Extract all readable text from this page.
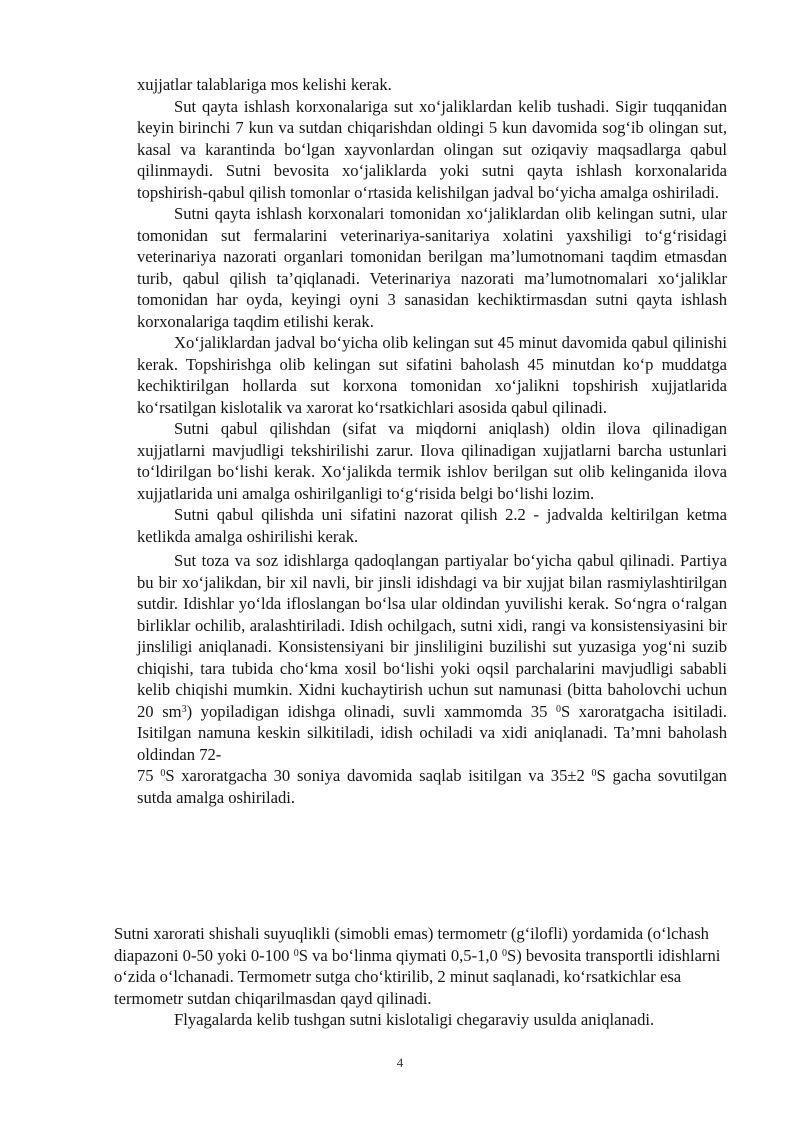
xujjatlar talablariga mos kelishi kerak.

Sut qayta ishlash korxonalariga sut xo‘jaliklardan kelib tushadi. Sigir tuqqanidan keyin birinchi 7 kun va sutdan chiqarishdan oldingi 5 kun davomida sog‘ib olingan sut, kasal va karantinda bo‘lgan xayvonlardan olingan sut oziqaviy maqsadlarga qabul qilinmaydi. Sutni bevosita xo‘jaliklarda yoki sutni qayta ishlash korxonalarida topshirish-qabul qilish tomonlar o‘rtasida kelishilgan jadval bo‘yicha amalga oshiriladi.

Sutni qayta ishlash korxonalari tomonidan xo‘jaliklardan olib kelingan sutni, ular tomonidan sut fermalarini veterinariya-sanitariya xolatini yaxshiligi to‘g‘risidagi veterinariya nazorati organlari tomonidan berilgan ma’lumotnomani taqdim etmasdan turib, qabul qilish ta’qiqlanadi. Veterinariya nazorati ma’lumotnomalari xo‘jaliklar tomonidan har oyda, keyingi oyni 3 sanasidan kechiktirmasdan sutni qayta ishlash korxonalariga taqdim etilishi kerak.

Xo‘jaliklardan jadval bo‘yicha olib kelingan sut 45 minut davomida qabul qilinishi kerak. Topshirishga olib kelingan sut sifatini baholash 45 minutdan ko‘p muddatga kechiktirilgan hollarda sut korxona tomonidan xo‘jalikni topshirish xujjatlarida ko‘rsatilgan kislotalik va xarorat ko‘rsatkichlari asosida qabul qilinadi.

Sutni qabul qilishdan (sifat va miqdorni aniqlash) oldin ilova qilinadigan xujjatlarni mavjudligi tekshirilishi zarur. Ilova qilinadigan xujjatlarni barcha ustunlari to‘ldirilgan bo‘lishi kerak. Xo‘jalikda termik ishlov berilgan sut olib kelinganida ilova xujjatlarida uni amalga oshirilganligi to‘g‘risida belgi bo‘lishi lozim.

Sutni qabul qilishda uni sifatini nazorat qilish 2.2 - jadvalda keltirilgan ketma ketlikda amalga oshirilishi kerak.

Sut toza va soz idishlarga qadoqlangan partiyalar bo‘yicha qabul qilinadi. Partiya bu bir xo‘jalikdan, bir xil navli, bir jinsli idishdagi va bir xujjat bilan rasmiylashtirilgan sutdir. Idishlar yo‘lda ifloslangan bo‘lsa ular oldindan yuvilishi kerak. So‘ngra o‘ralgan birliklar ochilib, aralashtiriladi. Idish ochilgach, sutni xidi, rangi va konsistensiyasini bir jinsliligi aniqlanadi. Konsistensiyani bir jinsliligini buzilishi sut yuzasiga yog‘ni suzib chiqishi, tara tubida cho‘kma xosil bo‘lishi yoki oqsil parchalarini mavjudligi sababli kelib chiqishi mumkin. Xidni kuchaytirish uchun sut namunasi (bitta baholovchi uchun 20 $sm^3$) yopiladigan idishga olinadi, suvli xammomda 35 $^0$S xaroratgacha isitiladi. Isitilgan namuna keskin silkitiladi, idish ochiladi va xidi aniqlanadi. Ta’mni baholash oldindan 72-

75 $^0$S xaroratgacha 30 soniya davomida saqlab isitilgan va 35±2 $^0$S gacha sovutilgan sutda amalga oshiriladi.

Sutni xarorati shishali suyuqlikli (simobli emas) termometr (g‘ilofli) yordamida (o‘lchash diapazoni 0-50 yoki 0-100 $^0$S va bo‘linma qiymati 0,5-1,0 $^0$S) bevosita transportli idishlarni o‘zida o‘lchanadi. Termometr sutga cho‘ktirilib, 2 minut saqlanadi, ko‘rsatkichlar esa termometr sutdan chiqarilmasdan qayd qilinadi.

Flyagalarda kelib tushgan sutni kislotaligi chegaraviy usulda aniqlanadi.

4
